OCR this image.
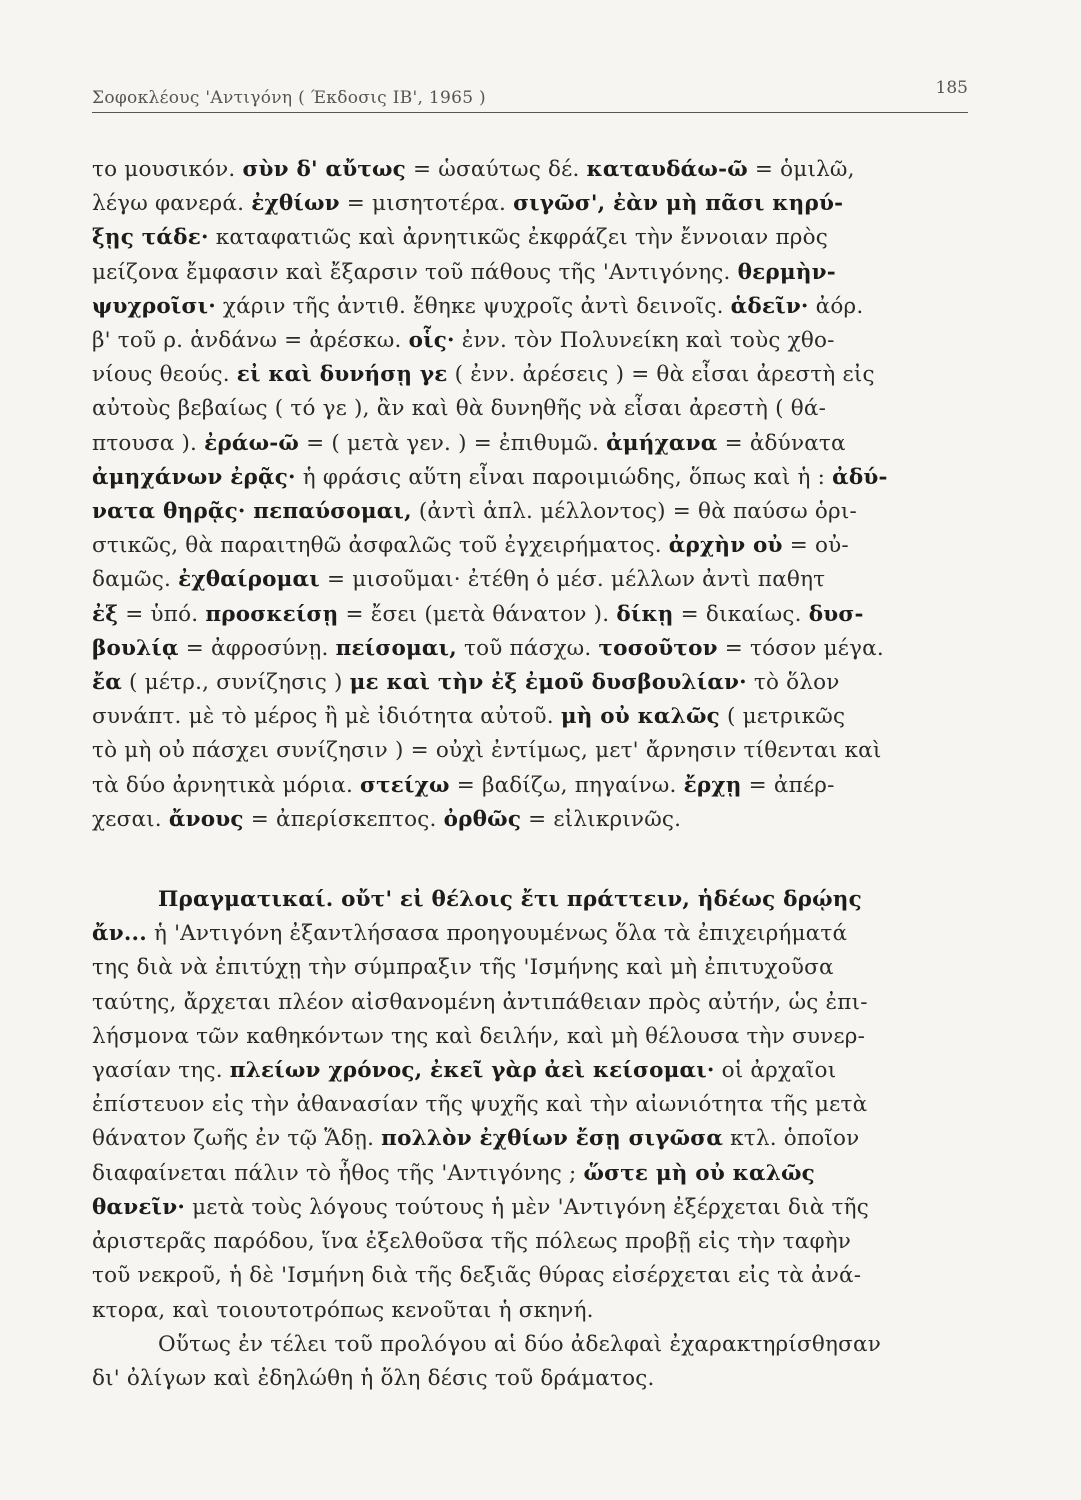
Σοφοκλέους 'Αντιγόνη ( Έκδοσις ΙΒ', 1965 )	185
το μουσικόν. σὺν δ' αὔτως = ὡσαύτως δέ. καταυδάω-ῶ = ὁμιλῶ,
λέγω φανερά. ἐχθίων = μισητοτέρα. σιγῶσ', ἐὰν μὴ πᾶσι κηρύ-
ξῃς τάδε· καταφατιῶς καὶ ἀρνητικῶς ἐκφράζει τὴν ἔννοιαν πρὸς
μείζονα ἔμφασιν καὶ ἔξαρσιν τοῦ πάθους τῆς 'Αντιγόνης. θερμὴν-
ψυχροῖσι· χάριν τῆς ἀντιθ. ἔθηκε ψυχροῖς ἀντὶ δεινοῖς. ἁδεῖν· ἀόρ.
β' τοῦ ρ. ἁνδάνω = ἀρέσκω. οἷς· ἐνν. τὸν Πολυνείκη καὶ τοὺς χθο-
νίους θεούς. εἰ καὶ δυνήσῃ γε ( ἐνν. ἀρέσεις ) = θὰ εἶσαι ἀρεστὴ εἰς
αὐτοὺς βεβαίως ( τό γε ), ἂν καὶ θὰ δυνηθῆς νὰ εἶσαι ἀρεστὴ ( θά-
πτουσα ). ἐράω-ῶ = ( μετὰ γεν. ) = ἐπιθυμῶ. ἀμήχανα = ἀδύνατα
ἀμηχάνων ἐρᾷς· ἡ φράσις αὕτη εἶναι παροιμιώδης, ὅπως καὶ ἡ : ἀδύ-
νατα θηρᾷς· πεπαύσομαι, (ἀντὶ ἁπλ. μέλλοντος) = θὰ παύσω ὁρι-
στικῶς, θὰ παραιτηθῶ ἀσφαλῶς τοῦ ἐγχειρήματος. ἀρχὴν οὐ = οὐ-
δαμῶς. ἐχθαίρομαι = μισοῦμαι· ἐτέθη ὁ μέσ. μέλλων ἀντὶ παθητ
ἐξ = ὑπό. προσκείσῃ = ἔσει (μετὰ θάνατον ). δίκῃ = δικαίως. δυσ-
βουλίᾳ = ἀφροσύνῃ. πείσομαι, τοῦ πάσχω. τοσοῦτον = τόσον μέγα.
ἔα ( μέτρ., συνίζησις ) με καὶ τὴν ἐξ ἐμοῦ δυσβουλίαν· τὸ ὅλον
συνάπτ. μὲ τὸ μέρος ἢ μὲ ἰδιότητα αὐτοῦ. μὴ οὐ καλῶς ( μετρικῶς
τὸ μὴ οὐ πάσχει συνίζησιν ) = οὐχὶ ἐντίμως, μετ' ἄρνησιν τίθενται καὶ
τὰ δύο ἀρνητικὰ μόρια. στείχω = βαδίζω, πηγαίνω. ἔρχῃ = ἀπέρ-
χεσαι. ἄνους = ἀπερίσκεπτος. ὀρθῶς = εἰλικρινῶς.
Πραγματικαί. οὔτ' εἰ θέλοις ἔτι πράττειν, ἡδέως δρῴης
ἄν... ἡ 'Αντιγόνη ἐξαντλήσασα προηγουμένως ὅλα τὰ ἐπιχειρήματά
της διὰ νὰ ἐπιτύχῃ τὴν σύμπραξιν τῆς 'Ισμήνης καὶ μὴ ἐπιτυχοῦσα
ταύτης, ἄρχεται πλέον αἰσθανομένη ἀντιπάθειαν πρὸς αὐτήν, ὡς ἐπι-
λήσμονα τῶν καθηκόντων της καὶ δειλήν, καὶ μὴ θέλουσα τὴν συνερ-
γασίαν της. πλείων χρόνος, ἐκεῖ γὰρ ἀεὶ κείσομαι· οἱ ἀρχαῖοι
ἐπίστευον εἰς τὴν ἀθανασίαν τῆς ψυχῆς καὶ τὴν αἰωνιότητα τῆς μετὰ
θάνατον ζωῆς ἐν τῷ Ἅδῃ. πολλὸν ἐχθίων ἔσῃ σιγῶσα κτλ. ὁποῖον
διαφαίνεται πάλιν τὸ ἦθος τῆς 'Αντιγόνης ; ὥστε μὴ οὐ καλῶς
θανεῖν· μετὰ τοὺς λόγους τούτους ἡ μὲν 'Αντιγόνη ἐξέρχεται διὰ τῆς
ἀριστερᾶς παρόδου, ἵνα ἐξελθοῦσα τῆς πόλεως προβῇ εἰς τὴν ταφὴν
τοῦ νεκροῦ, ἡ δὲ 'Ισμήνη διὰ τῆς δεξιᾶς θύρας εἰσέρχεται εἰς τὰ ἀνά-
κτορα, καὶ τοιουτοτρόπως κενοῦται ἡ σκηνή.
Οὕτως ἐν τέλει τοῦ προλόγου αἱ δύο ἀδελφαὶ ἐχαρακτηρίσθησαν
δι' ὀλίγων καὶ ἐδηλώθη ἡ ὅλη δέσις τοῦ δράματος.
